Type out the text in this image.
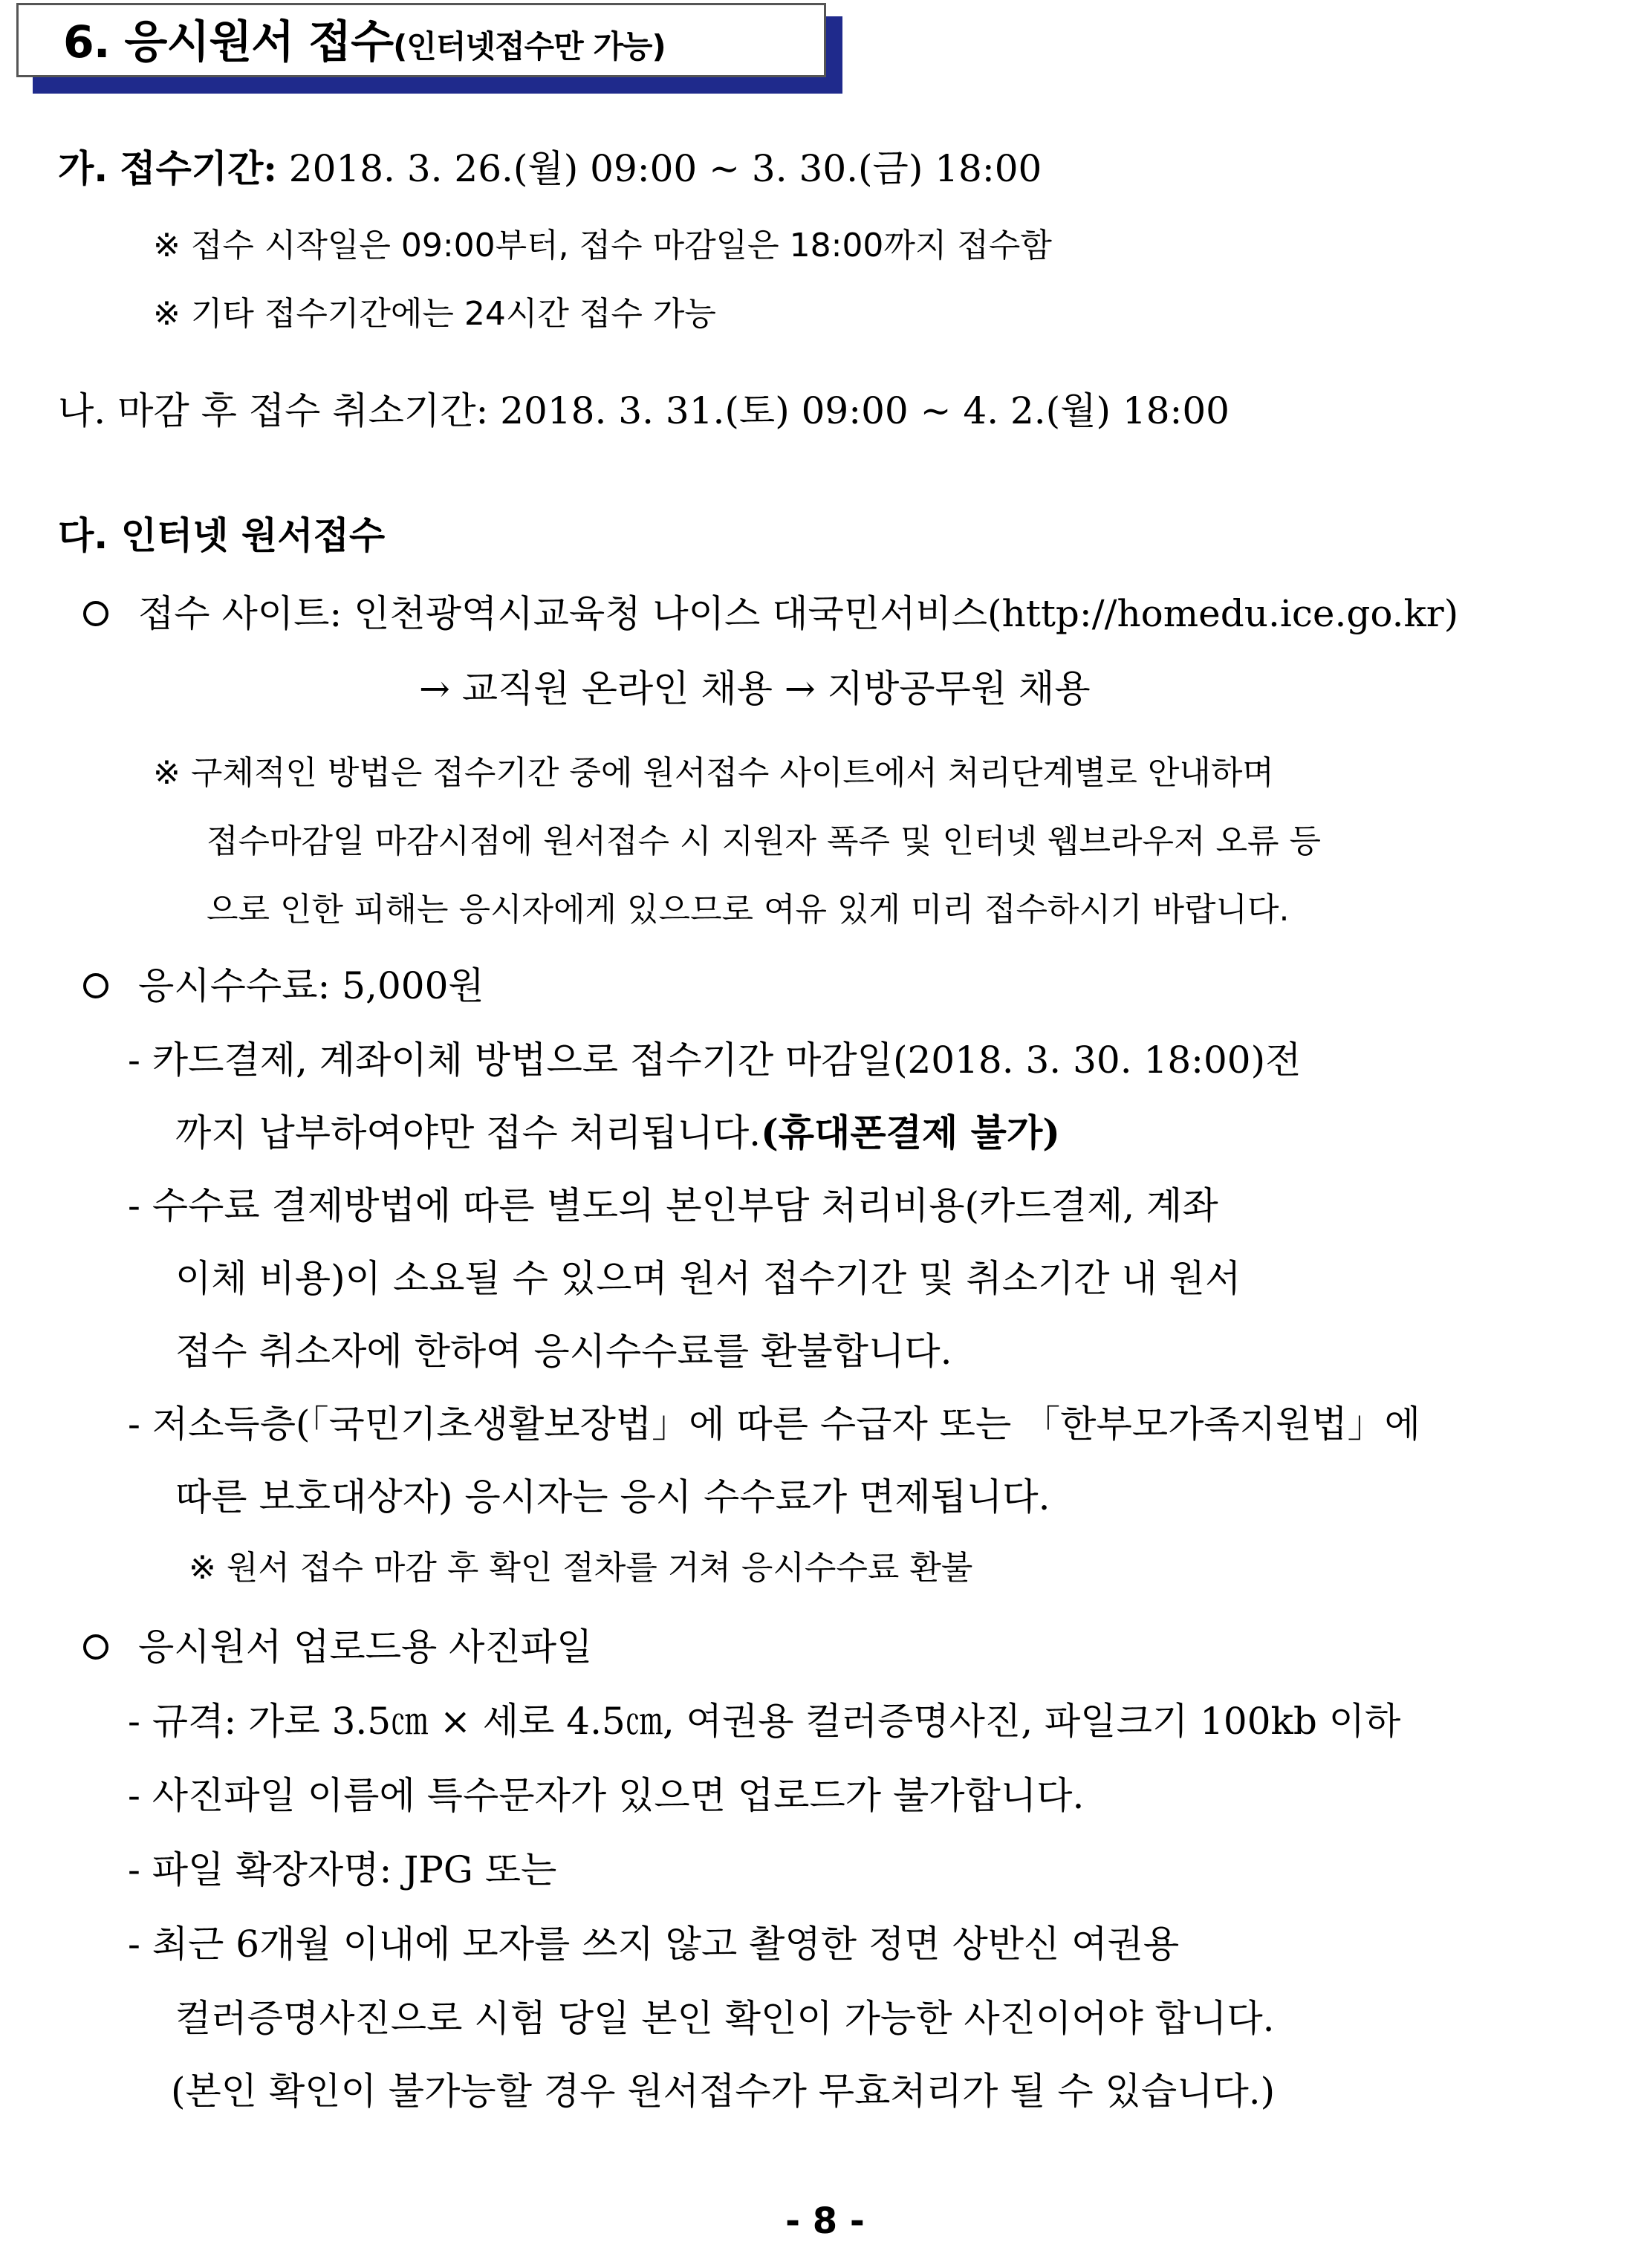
6. 응시원서 접수(인터넷접수만 가능)
가. 접수기간: 2018. 3. 26.(월) 09:00 ~ 3. 30.(금) 18:00
※ 접수 시작일은 09:00부터, 접수 마감일은 18:00까지 접수함
※ 기타 접수기간에는 24시간 접수 가능
나. 마감 후 접수 취소기간: 2018. 3. 31.(토) 09:00 ~ 4. 2.(월) 18:00
다. 인터넷 원서접수
접수 사이트: 인천광역시교육청 나이스 대국민서비스(http://homedu.ice.go.kr)
→ 교직원 온라인 채용 → 지방공무원 채용
※ 구체적인 방법은 접수기간 중에 원서접수 사이트에서 처리단계별로 안내하며
접수마감일 마감시점에 원서접수 시 지원자 폭주 및 인터넷 웹브라우저 오류 등
으로 인한 피해는 응시자에게 있으므로 여유 있게 미리 접수하시기 바랍니다.
응시수수료: 5,000원
- 카드결제, 계좌이체 방법으로 접수기간 마감일(2018. 3. 30. 18:00)전
까지 납부하여야만 접수 처리됩니다.(휴대폰결제 불가)
- 수수료 결제방법에 따른 별도의 본인부담 처리비용(카드결제, 계좌
이체 비용)이 소요될 수 있으며 원서 접수기간 및 취소기간 내 원서
접수 취소자에 한하여 응시수수료를 환불합니다.
- 저소득층(「국민기초생활보장법」에 따른 수급자 또는 「한부모가족지원법」에
따른 보호대상자) 응시자는 응시 수수료가 면제됩니다.
※ 원서 접수 마감 후 확인 절차를 거쳐 응시수수료 환불
응시원서 업로드용 사진파일
- 규격: 가로 3.5㎝ × 세로 4.5㎝, 여권용 컬러증명사진, 파일크기 100kb 이하
- 사진파일 이름에 특수문자가 있으면 업로드가 불가합니다.
- 파일 확장자명: JPG 또는
- 최근 6개월 이내에 모자를 쓰지 않고 촬영한 정면 상반신 여권용
컬러증명사진으로 시험 당일 본인 확인이 가능한 사진이어야 합니다.
(본인 확인이 불가능할 경우 원서접수가 무효처리가 될 수 있습니다.)
- 8 -
